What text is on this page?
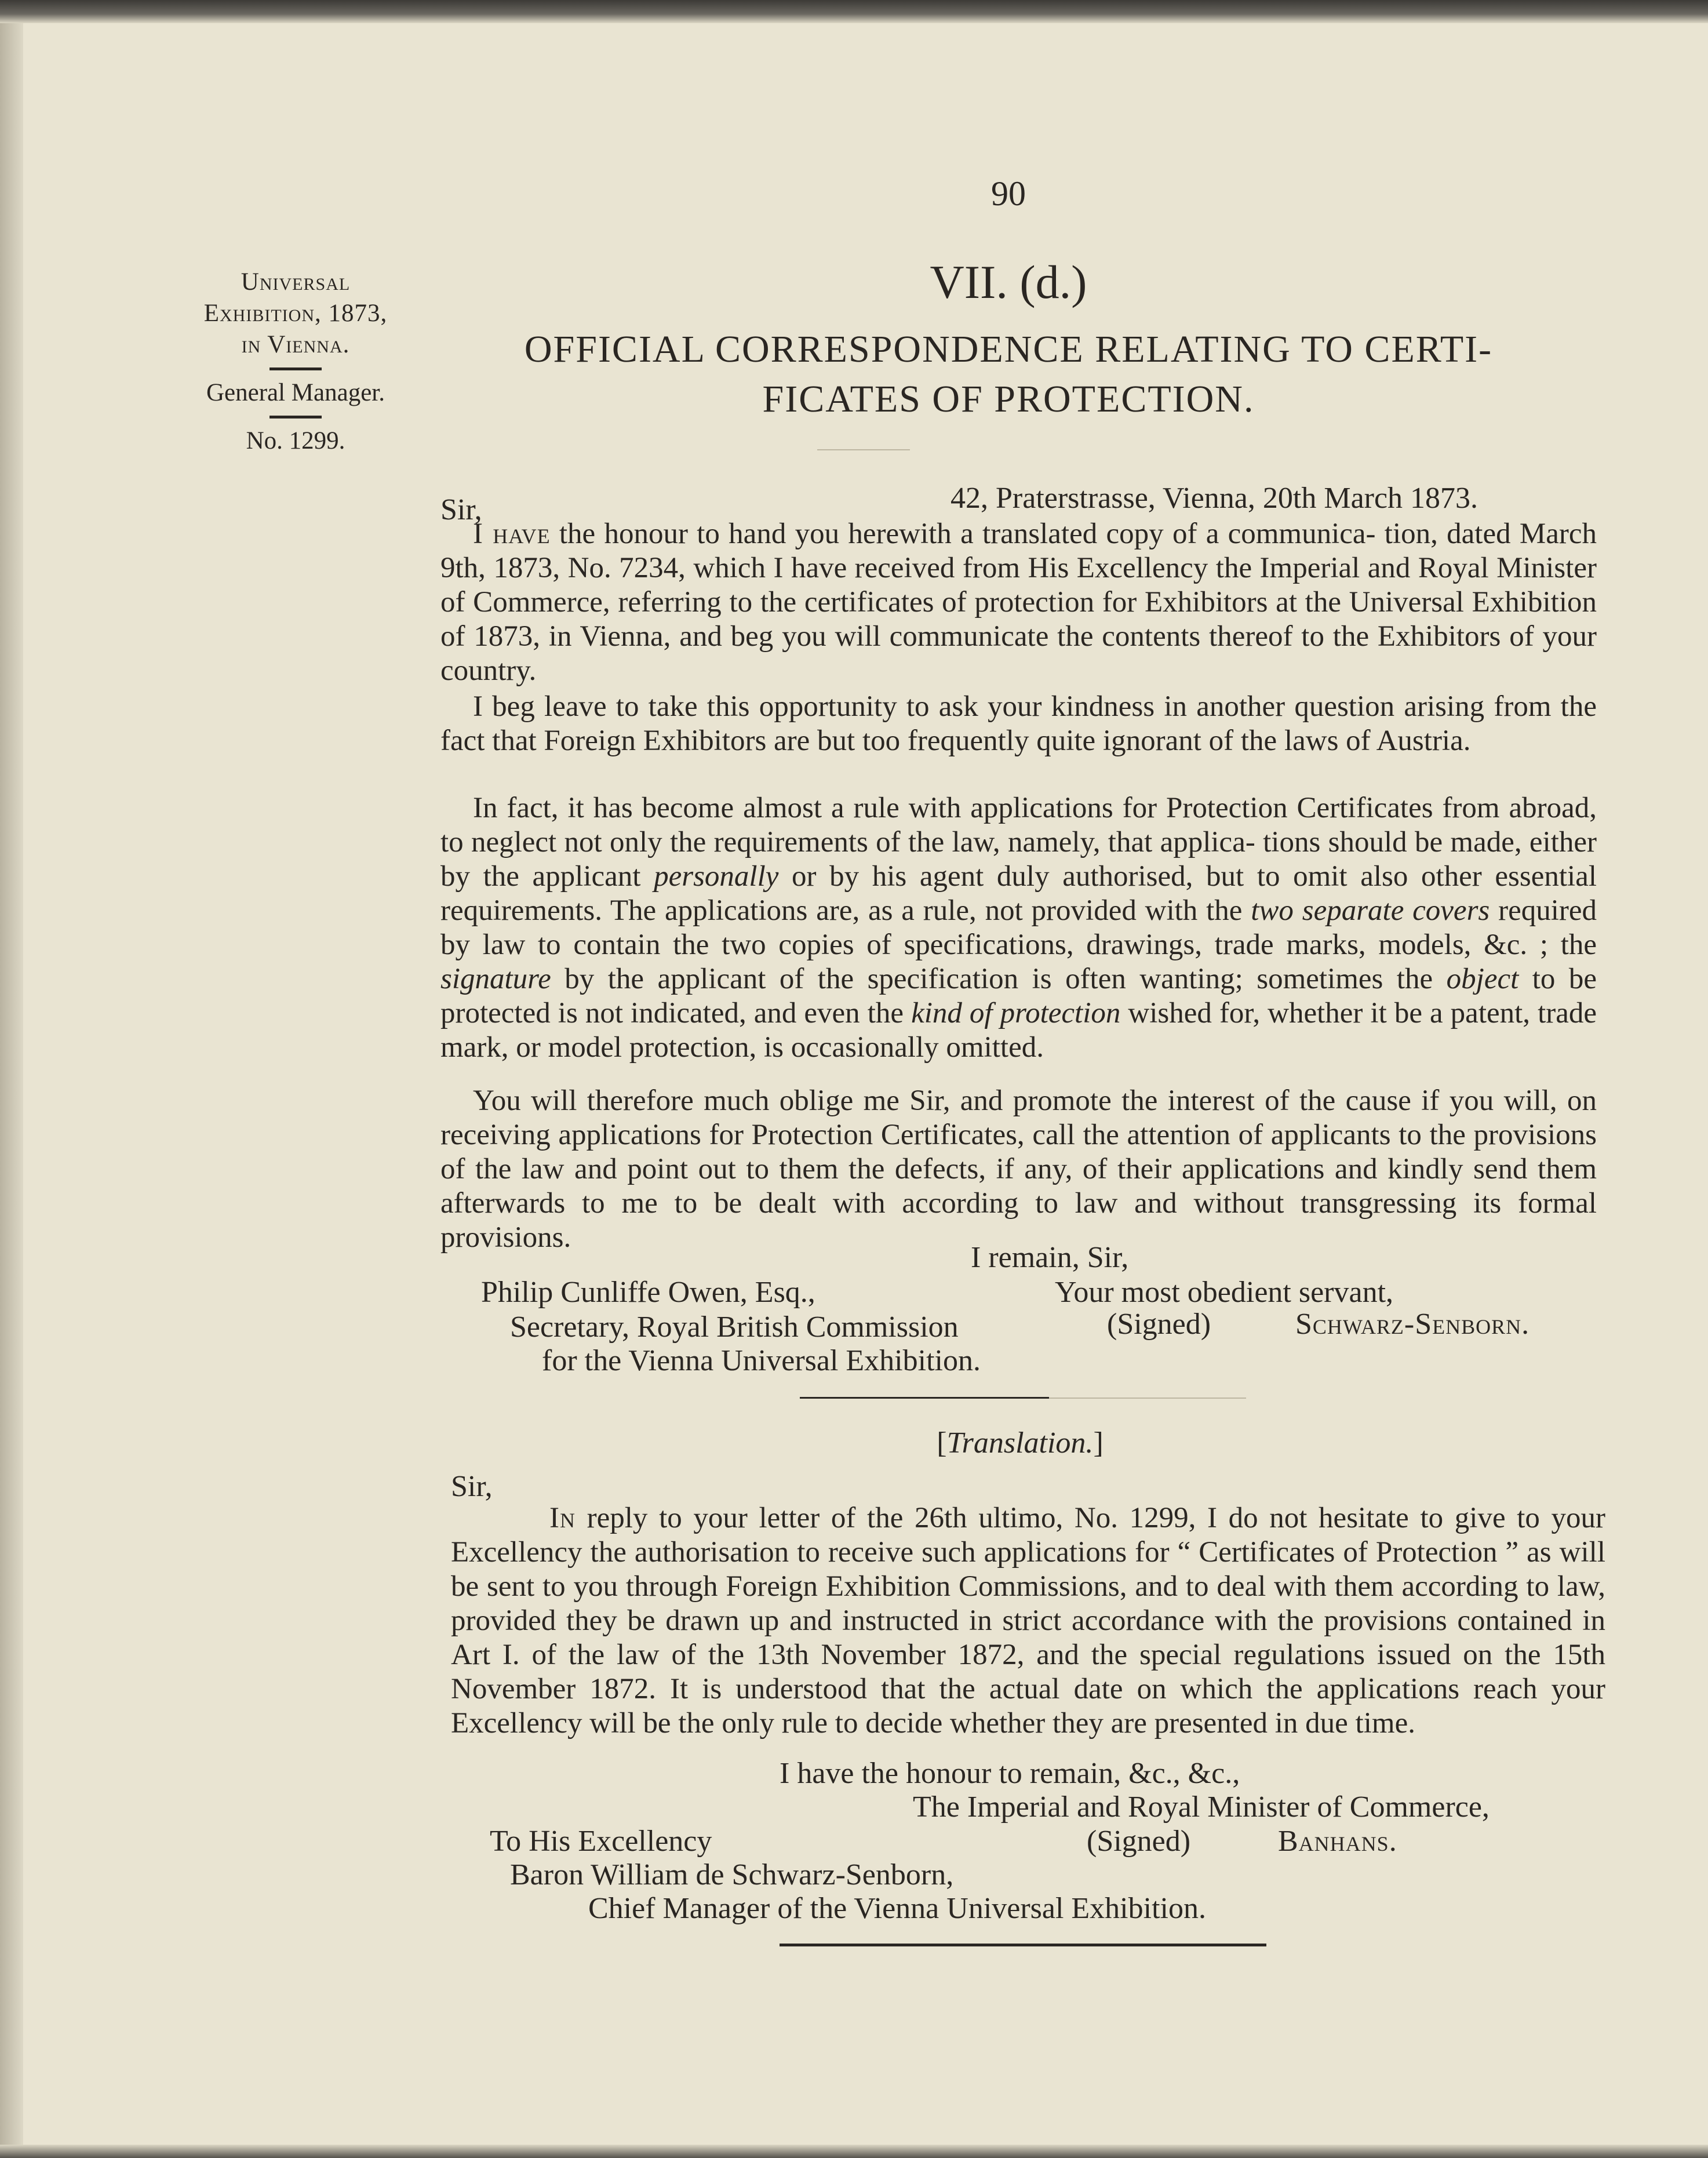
90
Universal
Exhibition, 1873,
in Vienna.
General Manager.
No. 1299.
VII. (d.)
OFFICIAL CORRESPONDENCE RELATING TO CERTI-
FICATES OF PROTECTION.
Sir,	42, Praterstrasse, Vienna, 20th March 1873.
I have the honour to hand you herewith a translated copy of a communica- tion, dated March 9th, 1873, No. 7234, which I have received from His Excellency the Imperial and Royal Minister of Commerce, referring to the certificates of protection for Exhibitors at the Universal Exhibition of 1873, in Vienna, and beg you will communicate the contents thereof to the Exhibitors of your country.
I beg leave to take this opportunity to ask your kindness in another question arising from the fact that Foreign Exhibitors are but too frequently quite ignorant of the laws of Austria.
In fact, it has become almost a rule with applications for Protection Certificates from abroad, to neglect not only the requirements of the law, namely, that applica- tions should be made, either by the applicant personally or by his agent duly authorised, but to omit also other essential requirements. The applications are, as a rule, not provided with the two separate covers required by law to contain the two copies of specifications, drawings, trade marks, models, &c. ; the signature by the applicant of the specification is often wanting; sometimes the object to be protected is not indicated, and even the kind of protection wished for, whether it be a patent, trade mark, or model protection, is occasionally omitted.
You will therefore much oblige me Sir, and promote the interest of the cause if you will, on receiving applications for Protection Certificates, call the attention of applicants to the provisions of the law and point out to them the defects, if any, of their applications and kindly send them afterwards to me to be dealt with according to law and without transgressing its formal provisions.
I remain, Sir,
Philip Cunliffe Owen, Esq.,	Your most obedient servant,
Secretary, Royal British Commission	(Signed)	Schwarz-Senborn.
for the Vienna Universal Exhibition.
[Translation.]
Sir,
In reply to your letter of the 26th ultimo, No. 1299, I do not hesitate to give to your Excellency the authorisation to receive such applications for “ Certificates of Protection ” as will be sent to you through Foreign Exhibition Commissions, and to deal with them according to law, provided they be drawn up and instructed in strict accordance with the provisions contained in Art I. of the law of the 13th November 1872, and the special regulations issued on the 15th November 1872. It is understood that the actual date on which the applications reach your Excellency will be the only rule to decide whether they are presented in due time.
I have the honour to remain, &c., &c.,
The Imperial and Royal Minister of Commerce,
To His Excellency	(Signed)	Banhans.
Baron William de Schwarz-Senborn,
Chief Manager of the Vienna Universal Exhibition.
